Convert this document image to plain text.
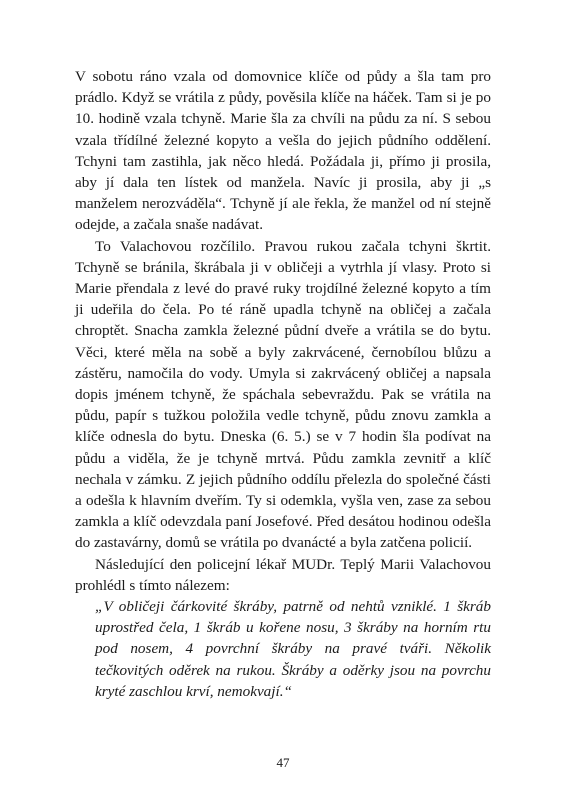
V sobotu ráno vzala od domovnice klíče od půdy a šla tam pro prádlo. Když se vrátila z půdy, pověsila klíče na háček. Tam si je po 10. hodině vzala tchyně. Marie šla za chvíli na půdu za ní. S sebou vzala třídílné železné kopyto a vešla do jejich půdního oddělení. Tchyni tam zastihla, jak něco hledá. Požádala ji, přímo ji prosila, aby jí dala ten lístek od manžela. Navíc ji prosila, aby ji „s manželem nerozváděla“. Tchyně jí ale řekla, že manžel od ní stejně odejde, a začala snaše nadávat.

To Valachovou rozčílilo. Pravou rukou začala tchyni škrtit. Tchyně se bránila, škrábala ji v obličeji a vytrhla jí vlasy. Proto si Marie přendala z levé do pravé ruky trojdílné železné kopyto a tím ji udeřila do čela. Po té ráně upadla tchyně na obličej a začala chroptět. Snacha zamkla železné půdní dveře a vrátila se do bytu. Věci, které měla na sobě a byly zakrvácené, černobílou blůzu a zástěru, namočila do vody. Umyla si zakrvácený obličej a napsala dopis jménem tchyně, že spáchala sebevraždu. Pak se vrátila na půdu, papír s tužkou položila vedle tchyně, půdu znovu zamkla a klíče odnesla do bytu. Dneska (6. 5.) se v 7 hodin šla podívat na půdu a viděla, že je tchyně mrtvá. Půdu zamkla zevnitř a klíč nechala v zámku. Z jejich půdního oddílu přelezla do společné části a odešla k hlavním dveřím. Ty si odemkla, vyšla ven, zase za sebou zamkla a klíč odevzdala paní Josefové. Před desátou hodinou odešla do zastavárny, domů se vrátila po dvanácté a byla zatčena policií.

Následující den policejní lékař MUDr. Teplý Marii Valachovou prohlédl s tímto nálezem:

„V obličeji čárkovité škráby, patrně od nehtů vzniklé. 1 škráb uprostřed čela, 1 škráb u kořene nosu, 3 škráby na horním rtu pod nosem, 4 povrchní škráby na pravé tváři. Několik tečkovitých oděrek na rukou. Škráby a oděrky jsou na povrchu kryté zaschlou krví, nemokvají.“

47
